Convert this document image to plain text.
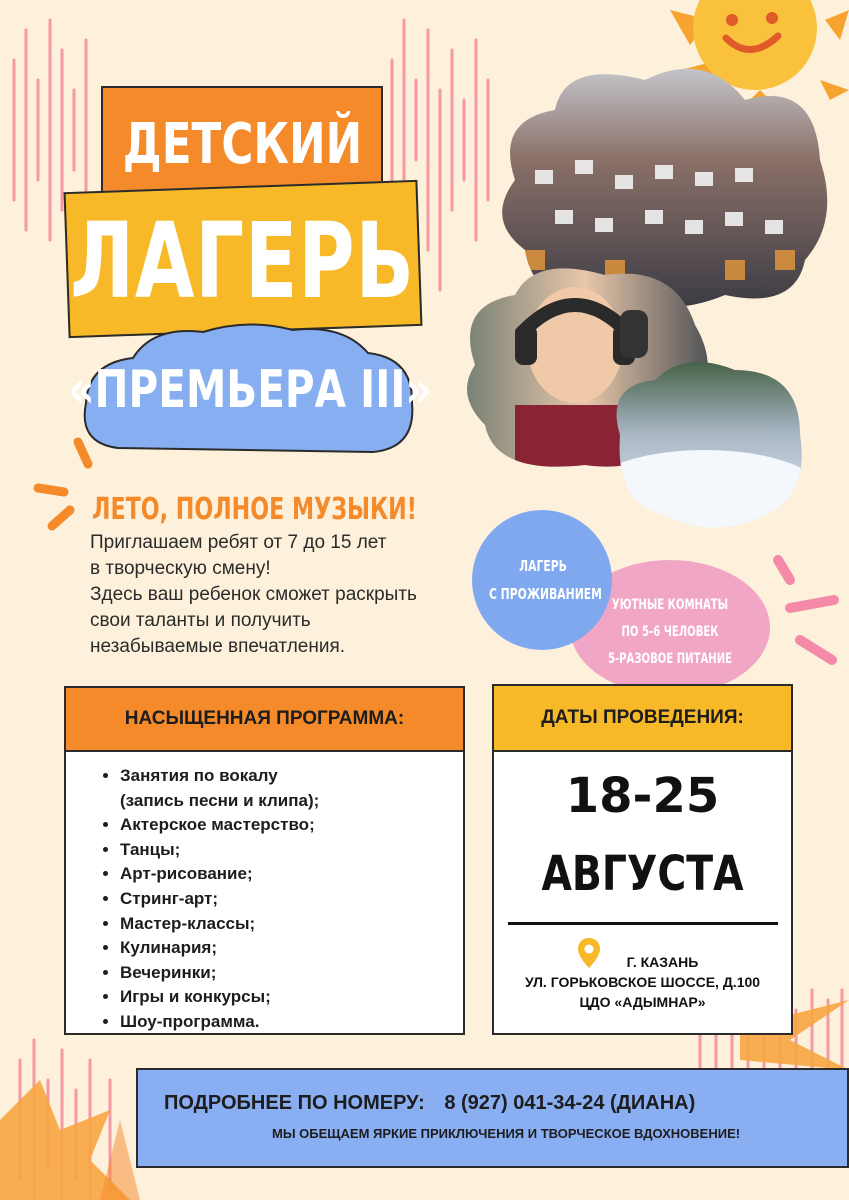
ДЕТСКИЙ
ЛАГЕРЬ
«ПРЕМЬЕРА III»
ЛЕТО, ПОЛНОЕ МУЗЫКИ!
Приглашаем ребят от 7 до 15 лет
в творческую смену!
Здесь ваш ребенок сможет раскрыть
свои таланты и получить
незабываемые впечатления.
ЛАГЕРЬ
С ПРОЖИВАНИЕМ
УЮТНЫЕ КОМНАТЫ
ПО 5-6 ЧЕЛОВЕК
5-РАЗОВОЕ ПИТАНИЕ
НАСЫЩЕННАЯ ПРОГРАММА:
• Занятия по вокалу
(запись песни и клипа);
• Актерское мастерство;
• Танцы;
• Арт-рисование;
• Стринг-арт;
• Мастер-классы;
• Кулинария;
• Вечеринки;
• Игры и конкурсы;
• Шоу-программа.
ДАТЫ ПРОВЕДЕНИЯ:
18-25
АВГУСТА
Г. КАЗАНЬ
УЛ. ГОРЬКОВСКОЕ ШОССЕ, Д.100
ЦДО «АДЫМНАР»
ПОДРОБНЕЕ ПО НОМЕРУ: 8 (927) 041-34-24 (ДИАНА)
МЫ ОБЕЩАЕМ ЯРКИЕ ПРИКЛЮЧЕНИЯ И ТВОРЧЕСКОЕ ВДОХНОВЕНИЕ!
